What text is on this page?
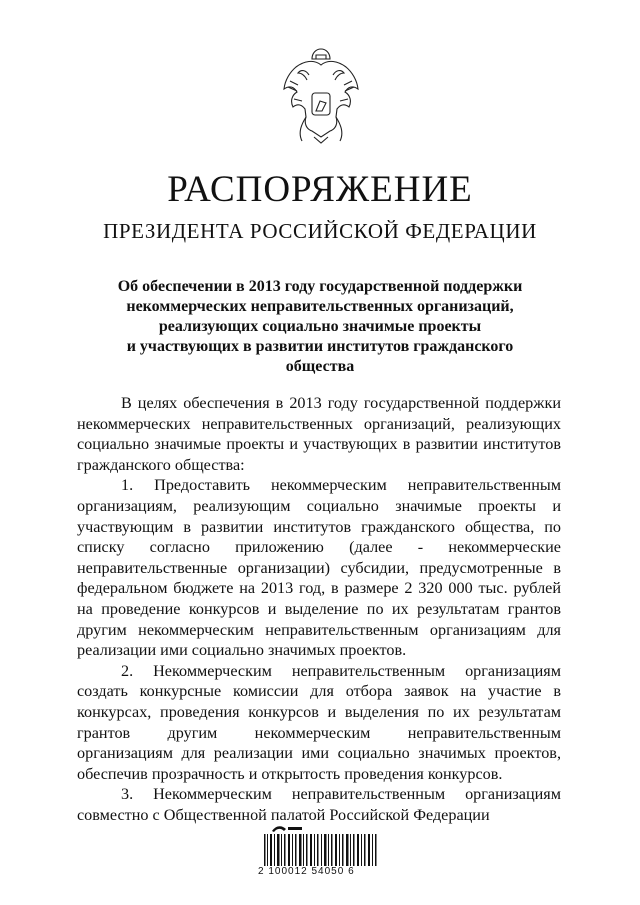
РАСПОРЯЖЕНИЕ
ПРЕЗИДЕНТА РОССИЙСКОЙ ФЕДЕРАЦИИ
Об обеспечении в 2013 году государственной поддержки
некоммерческих неправительственных организаций,
реализующих социально значимые проекты
и участвующих в развитии институтов гражданского
общества

В целях обеспечения в 2013 году государственной поддержки некоммерческих неправительственных организаций, реализующих социально значимые проекты и участвующих в развитии институтов гражданского общества:

1. Предоставить некоммерческим неправительственным организациям, реализующим социально значимые проекты и участвующим в развитии институтов гражданского общества, по списку согласно приложению (далее - некоммерческие неправительственные организации) субсидии, предусмотренные в федеральном бюджете на 2013 год, в размере 2 320 000 тыс. рублей на проведение конкурсов и выделение по их результатам грантов другим некоммерческим неправительственным организациям для реализации ими социально значимых проектов.

2. Некоммерческим неправительственным организациям создать конкурсные комиссии для отбора заявок на участие в конкурсах, проведения конкурсов и выделения по их результатам грантов другим некоммерческим неправительственным организациям для реализации ими социально значимых проектов, обеспечив прозрачность и открытость проведения конкурсов.

3. Некоммерческим неправительственным организациям совместно с Общественной палатой Российской Федерации

2 100012 54050 6
